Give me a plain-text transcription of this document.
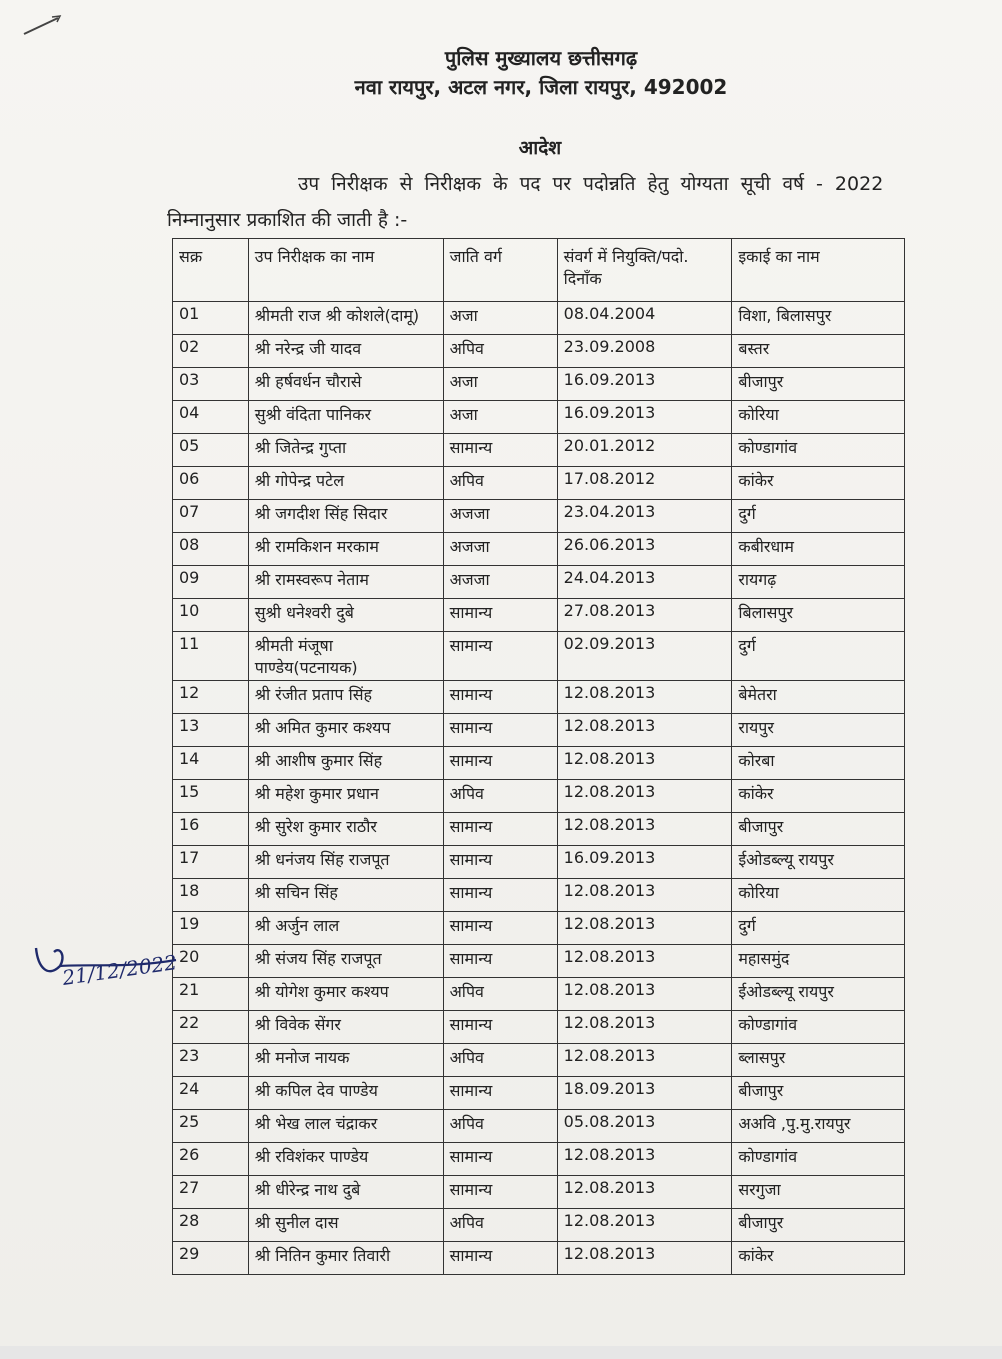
पुलिस मुख्यालय छत्तीसगढ़
नवा रायपुर, अटल नगर, जिला रायपुर, 492002
आदेश
उप निरीक्षक से निरीक्षक के पद पर पदोन्नति हेतु योग्यता सूची वर्ष - 2022
निम्नानुसार प्रकाशित की जाती है :-
सक्र	उप निरीक्षक का नाम	जाति वर्ग	संवर्ग में नियुक्ति/पदो. दिनाँक	इकाई का नाम
01	श्रीमती राज श्री कोशले(दामू)	अजा	08.04.2004	विशा, बिलासपुर
02	श्री नरेन्द्र जी यादव	अपिव	23.09.2008	बस्तर
03	श्री हर्षवर्धन चौरासे	अजा	16.09.2013	बीजापुर
04	सुश्री वंदिता पानिकर	अजा	16.09.2013	कोरिया
05	श्री जितेन्द्र गुप्ता	सामान्य	20.01.2012	कोण्डागांव
06	श्री गोपेन्द्र पटेल	अपिव	17.08.2012	कांकेर
07	श्री जगदीश सिंह सिदार	अजजा	23.04.2013	दुर्ग
08	श्री रामकिशन मरकाम	अजजा	26.06.2013	कबीरधाम
09	श्री रामस्वरूप नेताम	अजजा	24.04.2013	रायगढ़
10	सुश्री धनेश्वरी दुबे	सामान्य	27.08.2013	बिलासपुर
11	श्रीमती मंजूषा पाण्डेय(पटनायक)	सामान्य	02.09.2013	दुर्ग
12	श्री रंजीत प्रताप सिंह	सामान्य	12.08.2013	बेमेतरा
13	श्री अमित कुमार कश्यप	सामान्य	12.08.2013	रायपुर
14	श्री आशीष कुमार सिंह	सामान्य	12.08.2013	कोरबा
15	श्री महेश कुमार प्रधान	अपिव	12.08.2013	कांकेर
16	श्री सुरेश कुमार राठौर	सामान्य	12.08.2013	बीजापुर
17	श्री धनंजय सिंह राजपूत	सामान्य	16.09.2013	ईओडब्ल्यू रायपुर
18	श्री सचिन सिंह	सामान्य	12.08.2013	कोरिया
19	श्री अर्जुन लाल	सामान्य	12.08.2013	दुर्ग
20	श्री संजय सिंह राजपूत	सामान्य	12.08.2013	महासमुंद
21	श्री योगेश कुमार कश्यप	अपिव	12.08.2013	ईओडब्ल्यू रायपुर
22	श्री विवेक सेंगर	सामान्य	12.08.2013	कोण्डागांव
23	श्री मनोज नायक	अपिव	12.08.2013	ब्लासपुर
24	श्री कपिल देव पाण्डेय	सामान्य	18.09.2013	बीजापुर
25	श्री भेख लाल चंद्राकर	अपिव	05.08.2013	अअवि ,पु.मु.रायपुर
26	श्री रविशंकर पाण्डेय	सामान्य	12.08.2013	कोण्डागांव
27	श्री धीरेन्द्र नाथ दुबे	सामान्य	12.08.2013	सरगुजा
28	श्री सुनील दास	अपिव	12.08.2013	बीजापुर
29	श्री नितिन कुमार तिवारी	सामान्य	12.08.2013	कांकेर
21/12/2022
